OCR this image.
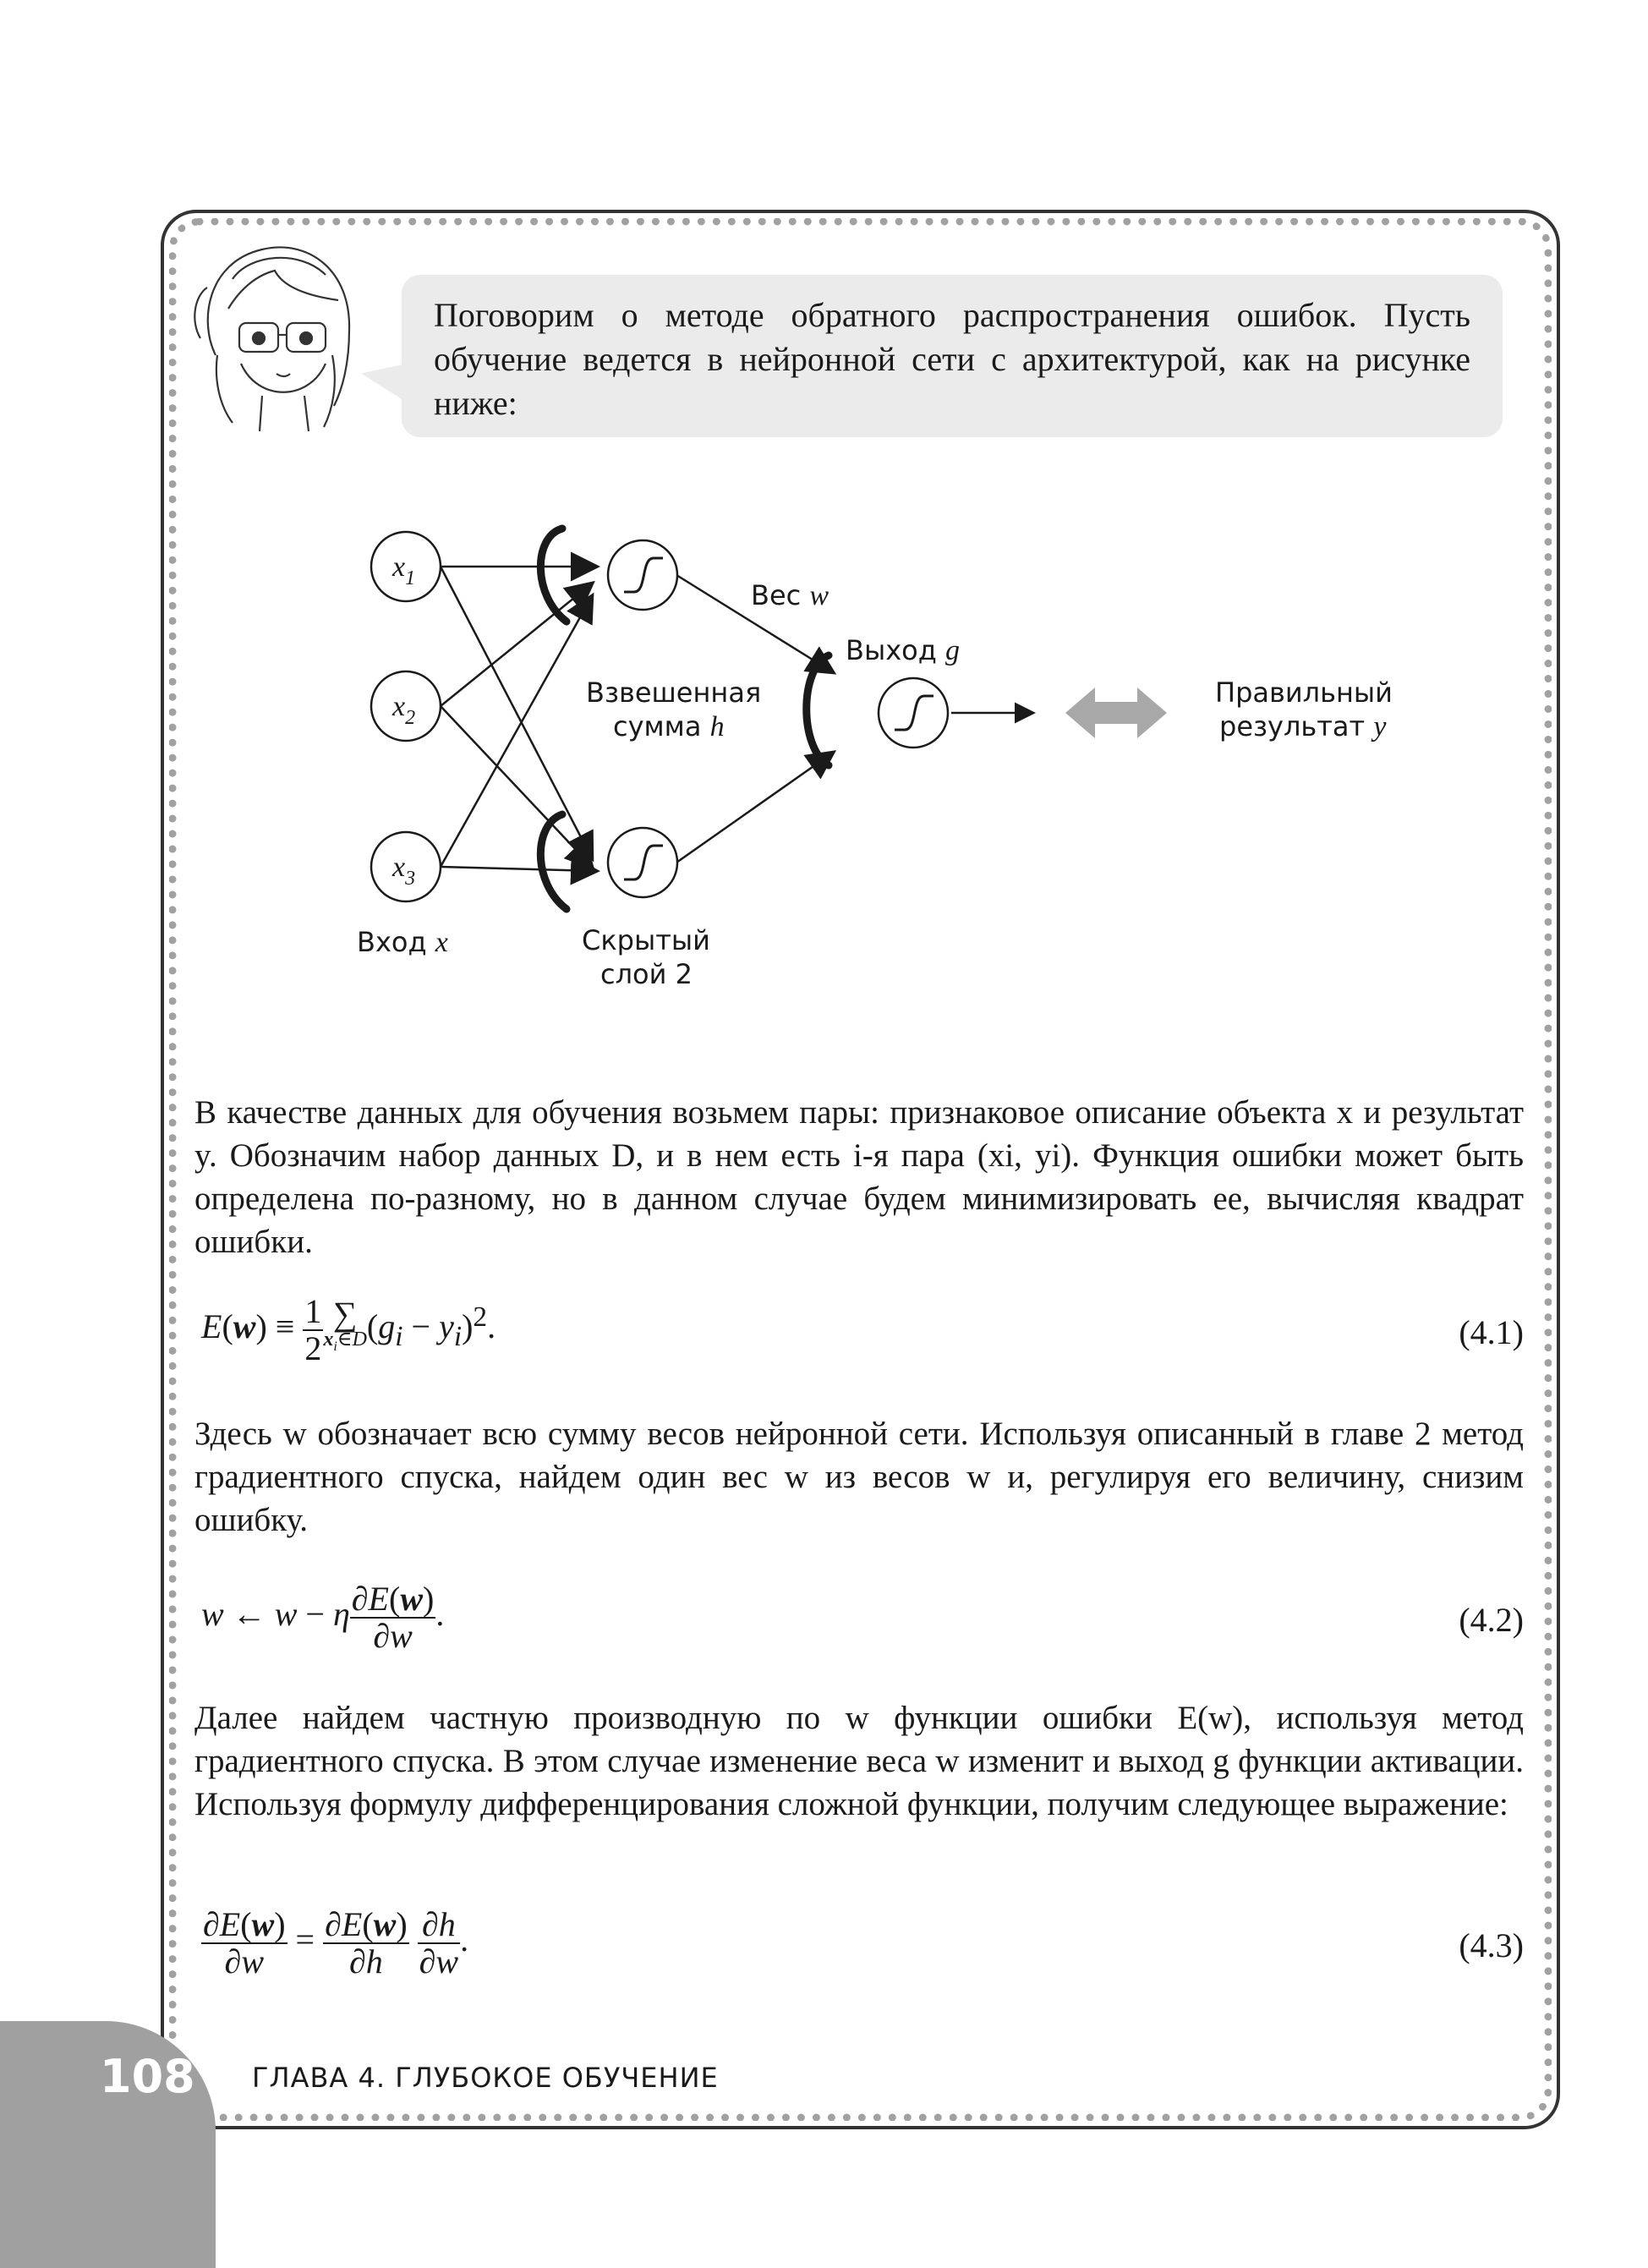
Поговорим о методе обратного распространения ошибок. Пусть обучение ведется в нейронной сети с архитектурой, как на рисунке ниже:

$x_1$
$x_2$
$x_3$
Вход x
Взвешенная
сумма h
Скрытый
слой 2
Вес w
Выход g
Правильный
результат y

В качестве данных для обучения возьмем пары: признаковое описание объекта x и результат y. Обозначим набор данных D, и в нем есть i-я пара (xi, yi). Функция ошибки может быть определена по-разному, но в данном случае будем минимизировать ее, вычисляя квадрат ошибки.

$E(w) \equiv \frac{1}{2}$ ∑
$x_i\in D$ $(g_i - y_i)^2$.	(4.1)

Здесь w обозначает всю сумму весов нейронной сети. Используя описанный в главе 2 метод градиентного спуска, найдем один вес w из весов w и, регулируя его величину, снизим ошибку.

w ← w − η $\frac{\partial E(w)}{\partial w}$ .	(4.2)

Далее найдем частную производную по w функции ошибки E(w), используя метод градиентного спуска. В этом случае изменение веса w изменит и выход g функции активации. Используя формулу дифференцирования сложной функции, получим следующее выражение:

$\frac{\partial E(w)}{\partial w} = \frac{\partial E(w)}{\partial h}$
$\frac{\partial h}{\partial w}$ .	(4.3)
108 ГЛАВА 4. ГЛУБОКОЕ ОБУЧЕНИЕ
